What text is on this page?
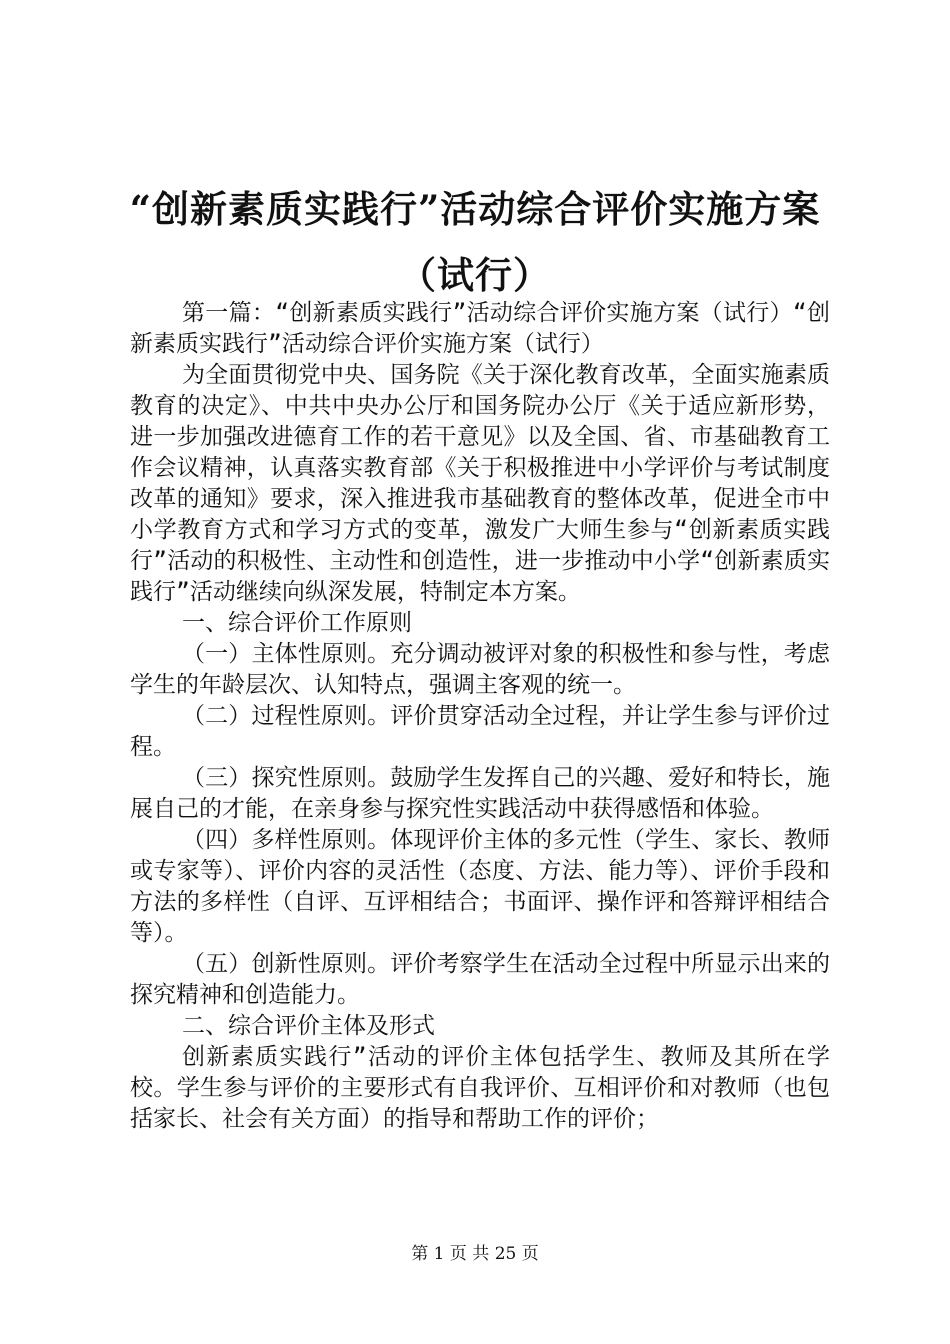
“创新素质实践行”活动综合评价实施方案
（试行）

第一篇：“创新素质实践行”活动综合评价实施方案（试行）“创新素质实践行”活动综合评价实施方案（试行）

为全面贯彻党中央、国务院《关于深化教育改革，全面实施素质教育的决定》、中共中央办公厅和国务院办公厅《关于适应新形势，进一步加强改进德育工作的若干意见》以及全国、省、市基础教育工作会议精神，认真落实教育部《关于积极推进中小学评价与考试制度改革的通知》要求，深入推进我市基础教育的整体改革，促进全市中小学教育方式和学习方式的变革，激发广大师生参与“创新素质实践行”活动的积极性、主动性和创造性，进一步推动中小学“创新素质实践行”活动继续向纵深发展，特制定本方案。

一、综合评价工作原则

（一）主体性原则。充分调动被评对象的积极性和参与性，考虑学生的年龄层次、认知特点，强调主客观的统一。

（二）过程性原则。评价贯穿活动全过程，并让学生参与评价过程。

（三）探究性原则。鼓励学生发挥自己的兴趣、爱好和特长，施展自己的才能，在亲身参与探究性实践活动中获得感悟和体验。

（四）多样性原则。体现评价主体的多元性（学生、家长、教师或专家等）、评价内容的灵活性（态度、方法、能力等）、评价手段和方法的多样性（自评、互评相结合；书面评、操作评和答辩评相结合等）。

（五）创新性原则。评价考察学生在活动全过程中所显示出来的探究精神和创造能力。

二、综合评价主体及形式

创新素质实践行”活动的评价主体包括学生、教师及其所在学校。学生参与评价的主要形式有自我评价、互相评价和对教师（也包括家长、社会有关方面）的指导和帮助工作的评价；

第 1 页 共 25 页
